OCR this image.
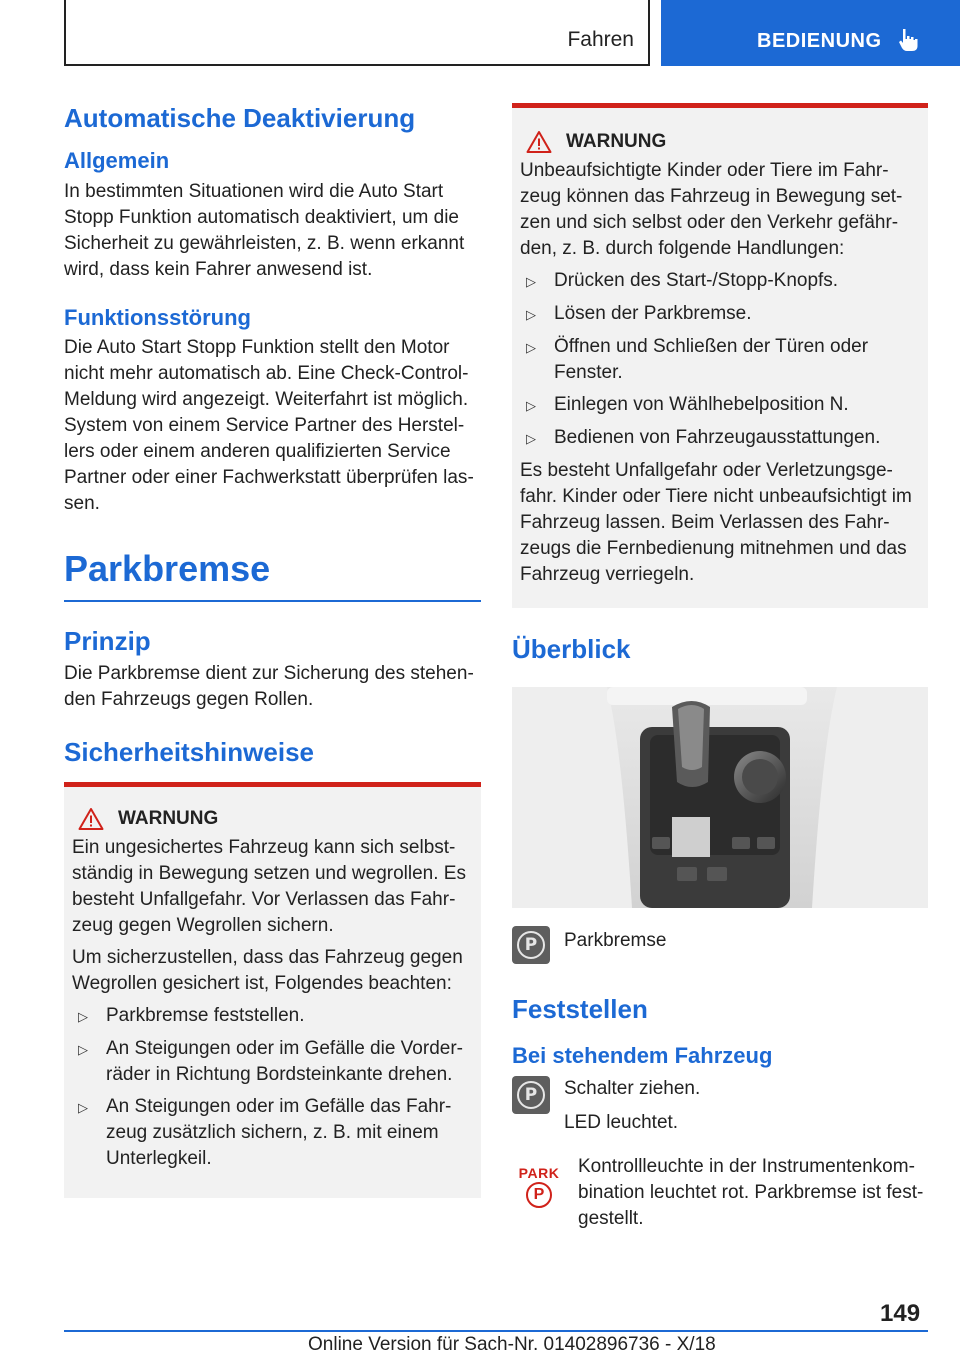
Fahren	BEDIENUNG
Automatische Deaktivierung
Allgemein

In bestimmten Situationen wird die Auto Start Stopp Funktion automatisch deaktiviert, um die Sicherheit zu gewährleisten, z. B. wenn erkannt wird, dass kein Fahrer anwesend ist.

Funktionsstörung

Die Auto Start Stopp Funktion stellt den Motor nicht mehr automatisch ab. Eine Check-Control-Meldung wird angezeigt. Weiterfahrt ist möglich. System von einem Service Partner des Herstellers oder einem anderen qualifizierten Service Partner oder einer Fachwerkstatt überprüfen lassen.

Parkbremse
Prinzip

Die Parkbremse dient zur Sicherung des stehenden Fahrzeugs gegen Rollen.

Sicherheitshinweise
WARNUNG

Ein ungesichertes Fahrzeug kann sich selbstständig in Bewegung setzen und wegrollen. Es besteht Unfallgefahr. Vor Verlassen das Fahrzeug gegen Wegrollen sichern.

Um sicherzustellen, dass das Fahrzeug gegen Wegrollen gesichert ist, Folgendes beachten:

▷ Parkbremse feststellen.
▷ An Steigungen oder im Gefälle die Vorderräder in Richtung Bordsteinkante drehen.
▷ An Steigungen oder im Gefälle das Fahrzeug zusätzlich sichern, z. B. mit einem Unterlegkeil.
WARNUNG

Unbeaufsichtigte Kinder oder Tiere im Fahrzeug können das Fahrzeug in Bewegung setzen und sich selbst oder den Verkehr gefährden, z. B. durch folgende Handlungen:

▷ Drücken des Start-/Stopp-Knopfs.
▷ Lösen der Parkbremse.
▷ Öffnen und Schließen der Türen oder Fenster.
▷ Einlegen von Wählhebelposition N.
▷ Bedienen von Fahrzeugausstattungen.

Es besteht Unfallgefahr oder Verletzungsgefahr. Kinder oder Tiere nicht unbeaufsichtigt im Fahrzeug lassen. Beim Verlassen des Fahrzeugs die Fernbedienung mitnehmen und das Fahrzeug verriegeln.

Überblick
P	Parkbremse
Feststellen
Bei stehendem Fahrzeug
P	Schalter ziehen.

LED leuchtet.

PARK
P

Kontrollleuchte in der Instrumentenkombination leuchtet rot. Parkbremse ist festgestellt.

149
Online Version für Sach-Nr. 01402896736 - X/18
